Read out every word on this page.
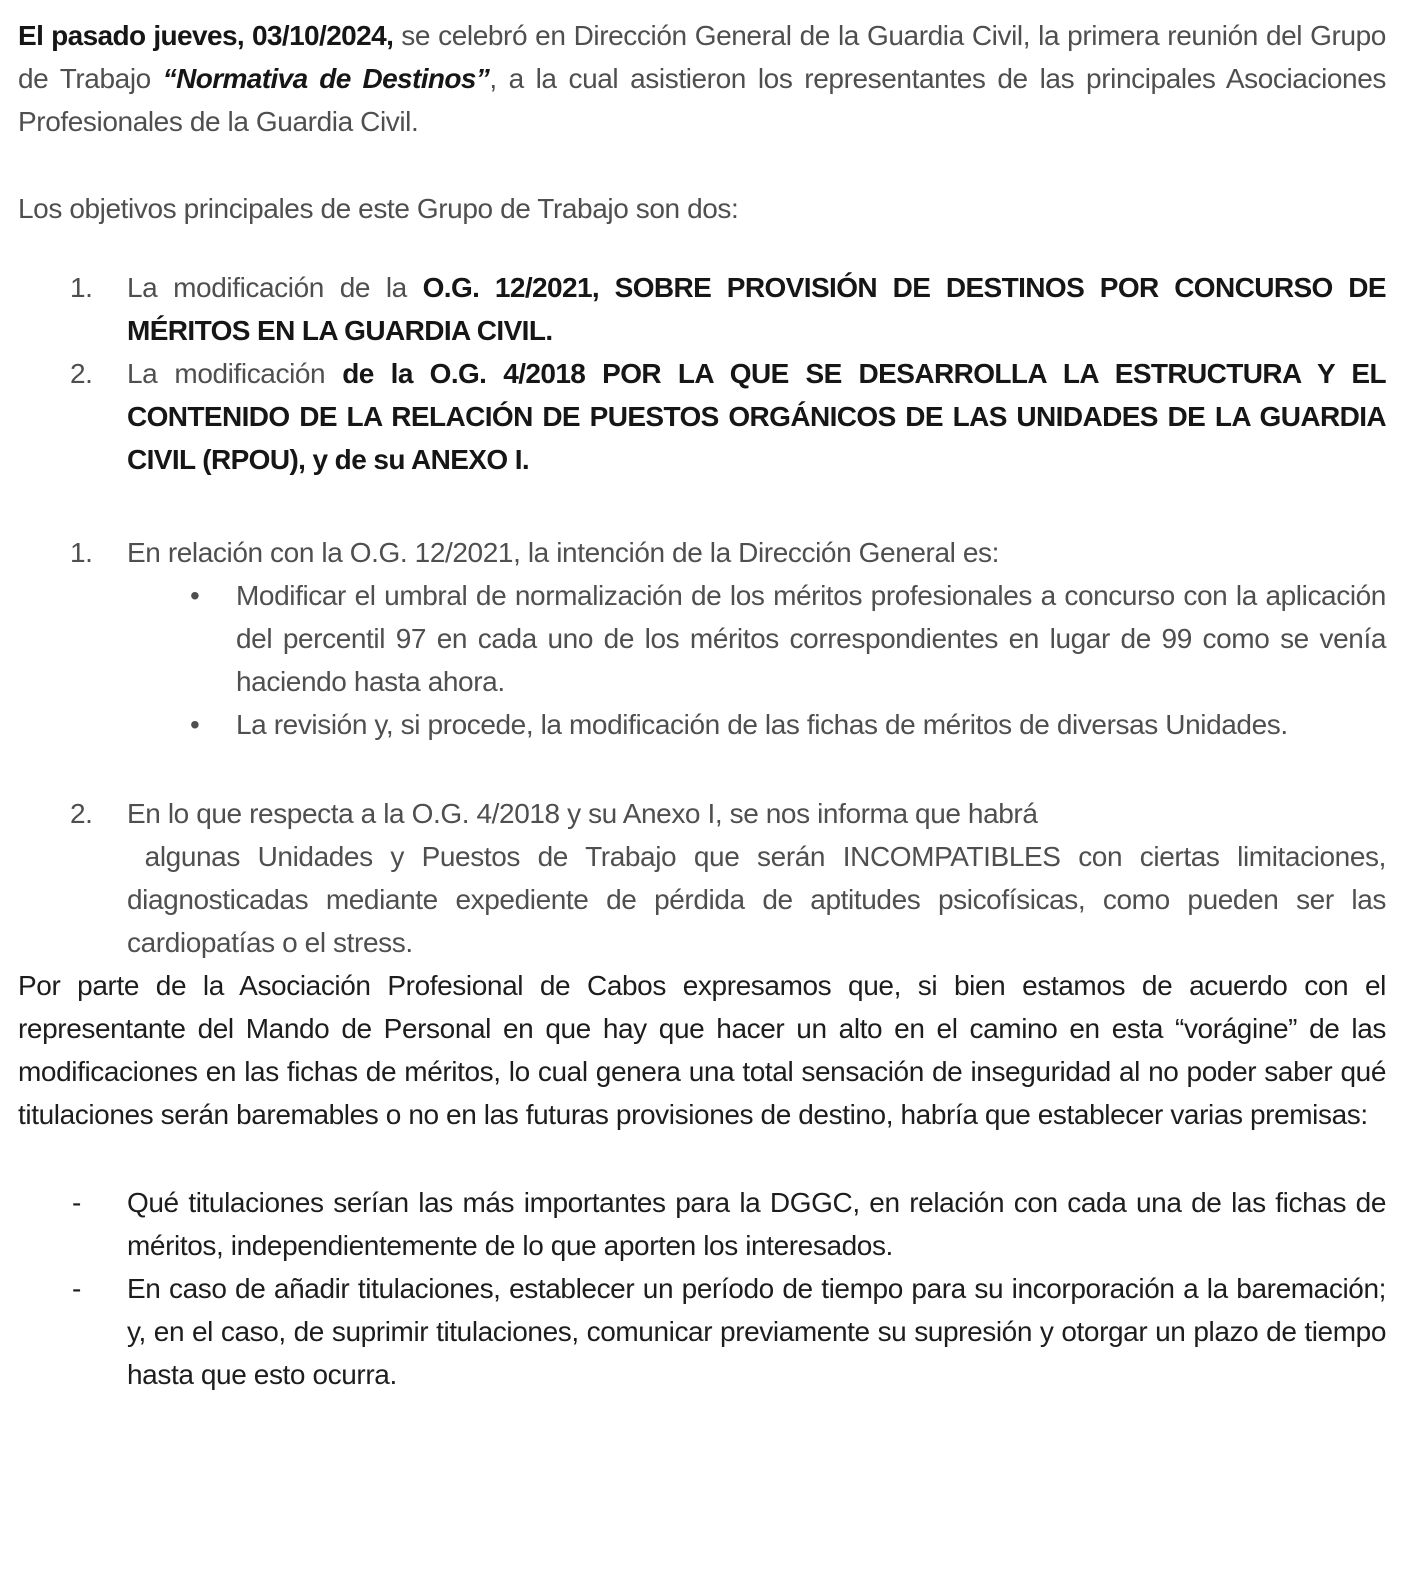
El pasado jueves, 03/10/2024, se celebró en Dirección General de la Guardia Civil, la primera reunión del Grupo de Trabajo “Normativa de Destinos”, a la cual asistieron los representantes de las principales Asociaciones Profesionales de la Guardia Civil.

Los objetivos principales de este Grupo de Trabajo son dos:

1.	La modificación de la O.G. 12/2021, SOBRE PROVISIÓN DE DESTINOS POR CONCURSO DE MÉRITOS EN LA GUARDIA CIVIL.
2.	La modificación de la O.G. 4/2018 POR LA QUE SE DESARROLLA LA ESTRUCTURA Y EL CONTENIDO DE LA RELACIÓN DE PUESTOS ORGÁNICOS DE LAS UNIDADES DE LA GUARDIA CIVIL (RPOU), y de su ANEXO I.
1.	En relación con la O.G. 12/2021, la intención de la Dirección General es:
• Modificar el umbral de normalización de los méritos profesionales a concurso con la aplicación del percentil 97 en cada uno de los méritos correspondientes en lugar de 99 como se venía haciendo hasta ahora.
• La revisión y, si procede, la modificación de las fichas de méritos de diversas Unidades.
2.	En lo que respecta a la O.G. 4/2018 y su Anexo I, se nos informa que habrá
algunas Unidades y Puestos de Trabajo que serán INCOMPATIBLES con ciertas limitaciones, diagnosticadas mediante expediente de pérdida de aptitudes psicofísicas, como pueden ser las cardiopatías o el stress.

Por parte de la Asociación Profesional de Cabos expresamos que, si bien estamos de acuerdo con el representante del Mando de Personal en que hay que hacer un alto en el camino en esta “vorágine” de las modificaciones en las fichas de méritos, lo cual genera una total sensación de inseguridad al no poder saber qué titulaciones serán baremables o no en las futuras provisiones de destino, habría que establecer varias premisas:

- Qué titulaciones serían las más importantes para la DGGC, en relación con cada una de las fichas de méritos, independientemente de lo que aporten los interesados.
- En caso de añadir titulaciones, establecer un período de tiempo para su incorporación a la baremación; y, en el caso, de suprimir titulaciones, comunicar previamente su supresión y otorgar un plazo de tiempo hasta que esto ocurra.
